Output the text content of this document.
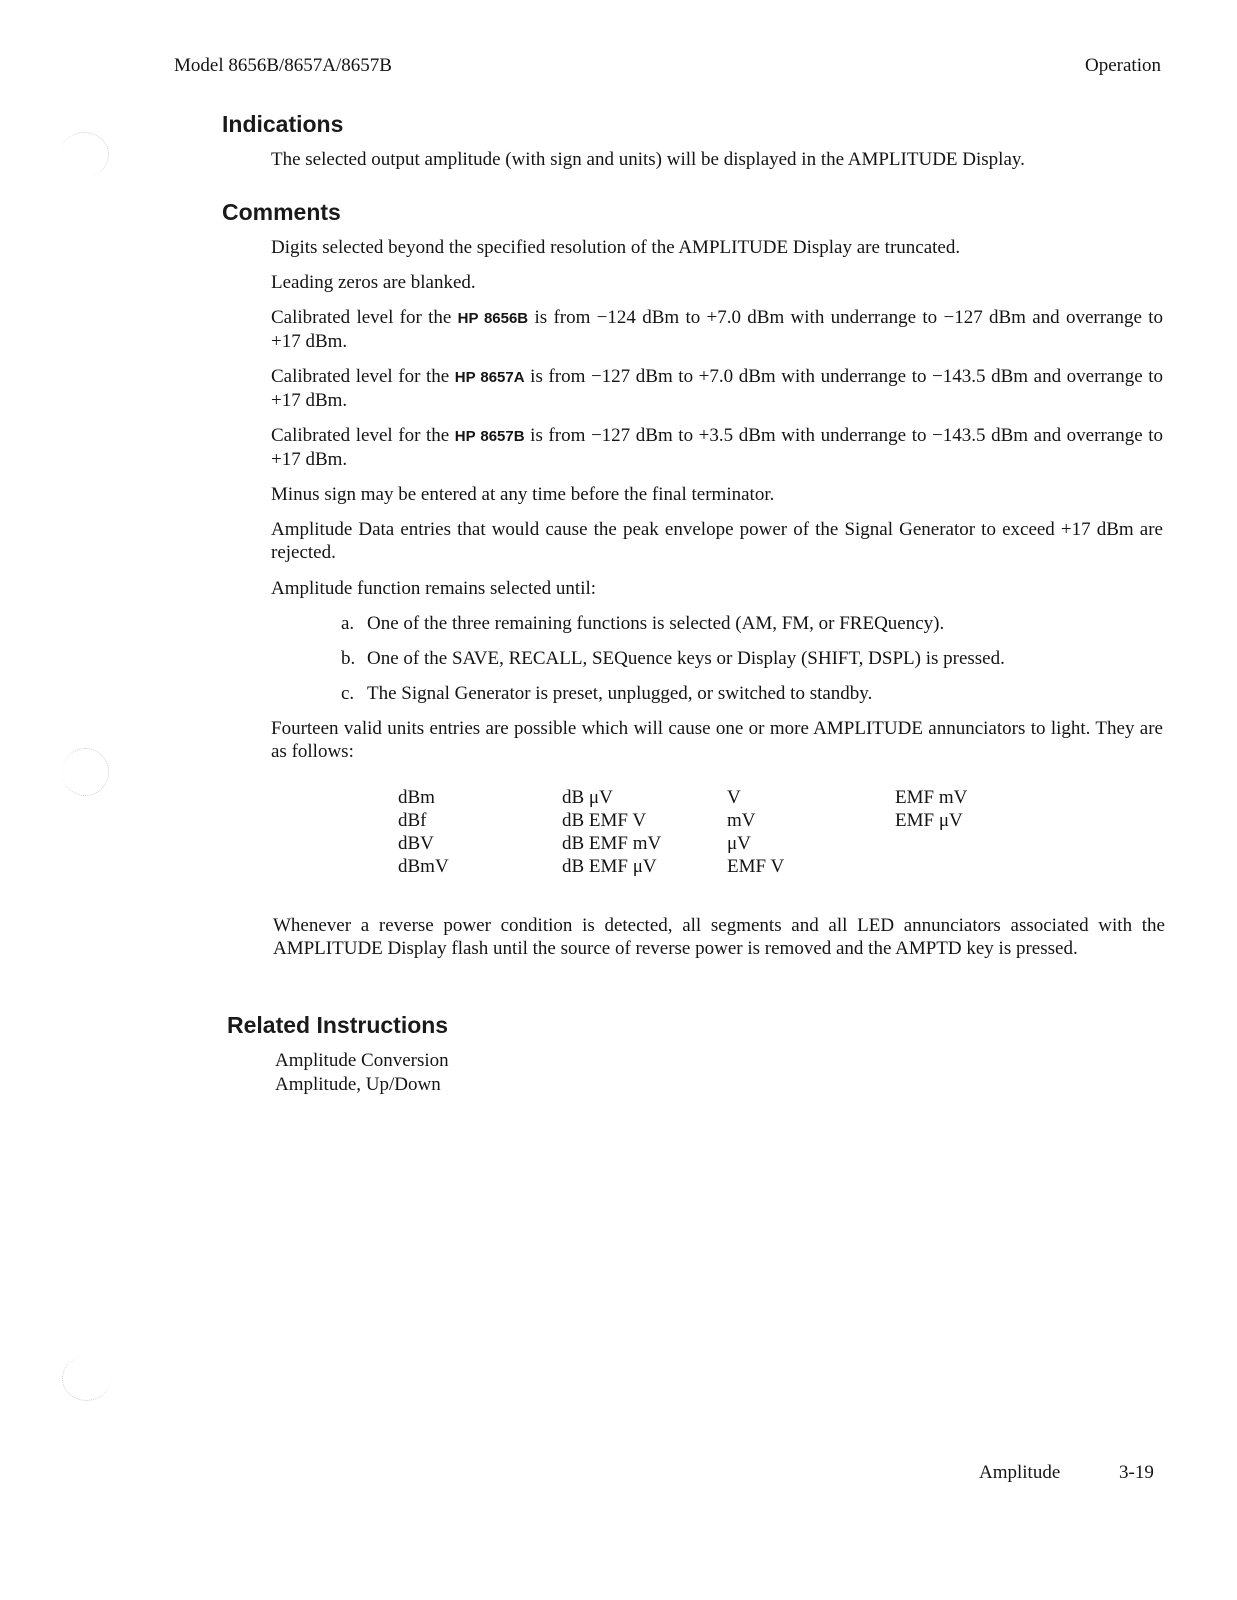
Model 8656B/8657A/8657B	Operation
Indications

The selected output amplitude (with sign and units) will be displayed in the AMPLITUDE Display.

Comments

Digits selected beyond the specified resolution of the AMPLITUDE Display are truncated.

Leading zeros are blanked.

Calibrated level for the HP 8656B is from −124 dBm to +7.0 dBm with underrange to −127 dBm and overrange to +17 dBm.

Calibrated level for the HP 8657A is from −127 dBm to +7.0 dBm with underrange to −143.5 dBm and overrange to +17 dBm.

Calibrated level for the HP 8657B is from −127 dBm to +3.5 dBm with underrange to −143.5 dBm and overrange to +17 dBm.

Minus sign may be entered at any time before the final terminator.

Amplitude Data entries that would cause the peak envelope power of the Signal Generator to exceed +17 dBm are rejected.

Amplitude function remains selected until:

a. One of the three remaining functions is selected (AM, FM, or FREQuency).
b. One of the SAVE, RECALL, SEQuence keys or Display (SHIFT, DSPL) is pressed.
c. The Signal Generator is preset, unplugged, or switched to standby.

Fourteen valid units entries are possible which will cause one or more AMPLITUDE annunciators to light. They are as follows:

dBm
dBf
dBV
dBmV
dB μV
dB EMF V
dB EMF mV
dB EMF μV
V
mV
μV
EMF V
EMF mV
EMF μV

Whenever a reverse power condition is detected, all segments and all LED annunciators associated with the AMPLITUDE Display flash until the source of reverse power is removed and the AMPTD key is pressed.

Related Instructions
Amplitude Conversion
Amplitude, Up/Down
Amplitude	3-19
